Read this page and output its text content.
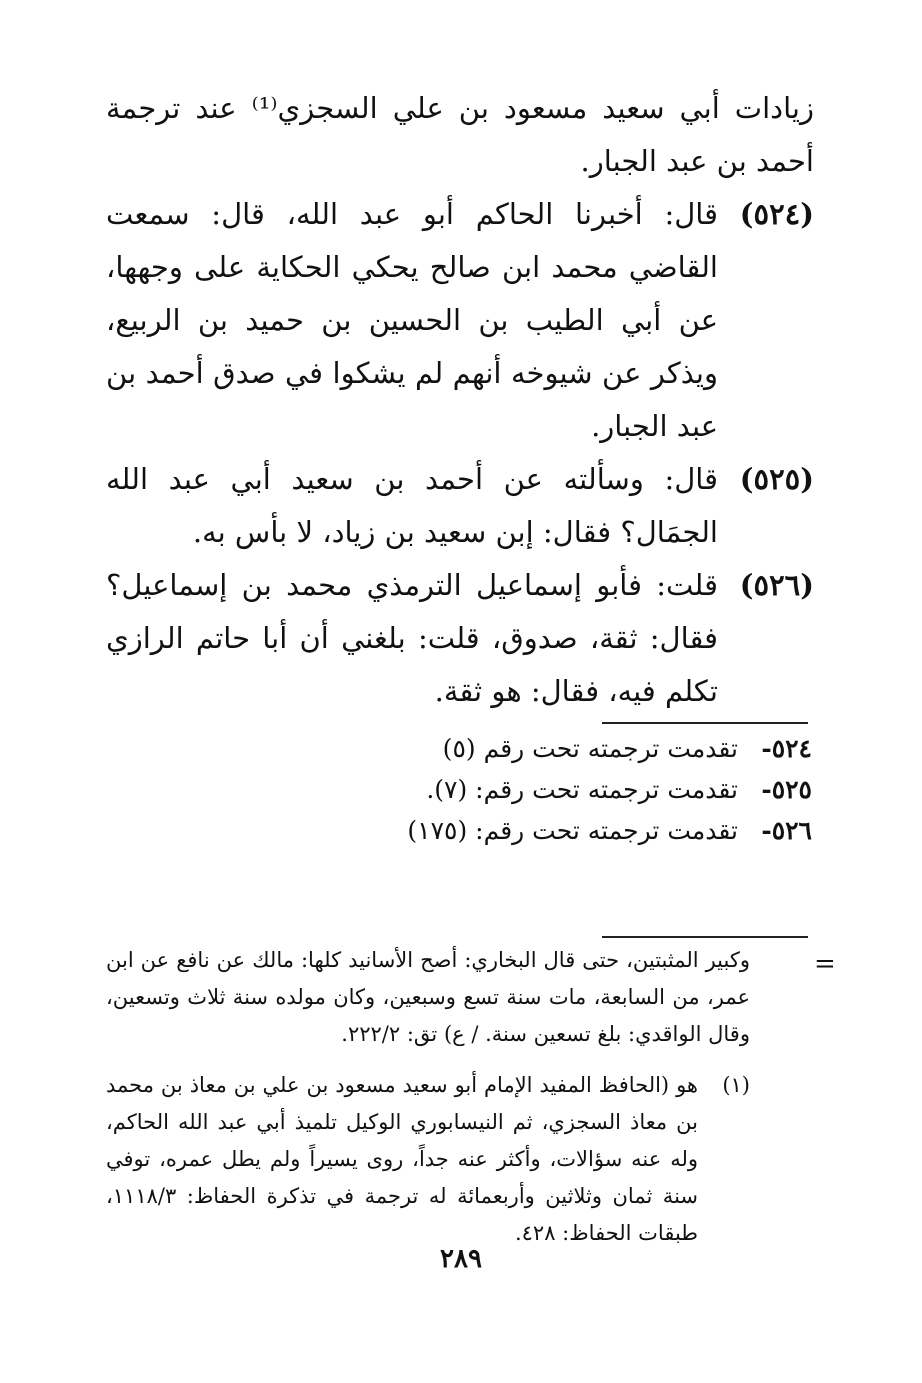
زيادات أبي سعيد مسعود بن علي السجزي⁽¹⁾ عند ترجمة أحمد بن عبد الجبار.

(٥٢٤)
قال: أخبرنا الحاكم أبو عبد الله، قال: سمعت القاضي محمد ابن صالح يحكي الحكاية على وجهها، عن أبي الطيب بن الحسين بن حميد بن الربيع، ويذكر عن شيوخه أنهم لم يشكوا في صدق أحمد بن عبد الجبار.
(٥٢٥)
قال: وسألته عن أحمد بن سعيد أبي عبد الله الجمَال؟ فقال: إبن سعيد بن زياد، لا بأس به.
(٥٢٦)
قلت: فأبو إسماعيل الترمذي محمد بن إسماعيل؟ فقال: ثقة، صدوق، قلت: بلغني أن أبا حاتم الرازي تكلم فيه، فقال: هو ثقة.
٥٢٤-
تقدمت ترجمته تحت رقم (٥)
٥٢٥-
تقدمت ترجمته تحت رقم: (٧).
٥٢٦-
تقدمت ترجمته تحت رقم: (١٧٥)
=

وكبير المثبتين، حتى قال البخاري: أصح الأسانيد كلها: مالك عن نافع عن ابن عمر، من السابعة، مات سنة تسع وسبعين، وكان مولده سنة ثلاث وتسعين، وقال الواقدي: بلغ تسعين سنة. / ع) تق: ٢٢٢/٢.

(١)
هو (الحافظ المفيد الإمام أبو سعيد مسعود بن علي بن معاذ بن محمد بن معاذ السجزي، ثم النيسابوري الوكيل تلميذ أبي عبد الله الحاكم، وله عنه سؤالات، وأكثر عنه جداً، روى يسيراً ولم يطل عمره، توفي سنة ثمان وثلاثين وأربعمائة له ترجمة في تذكرة الحفاظ: ١١١٨/٣، طبقات الحفاظ: ٤٢٨.
٢٨٩
